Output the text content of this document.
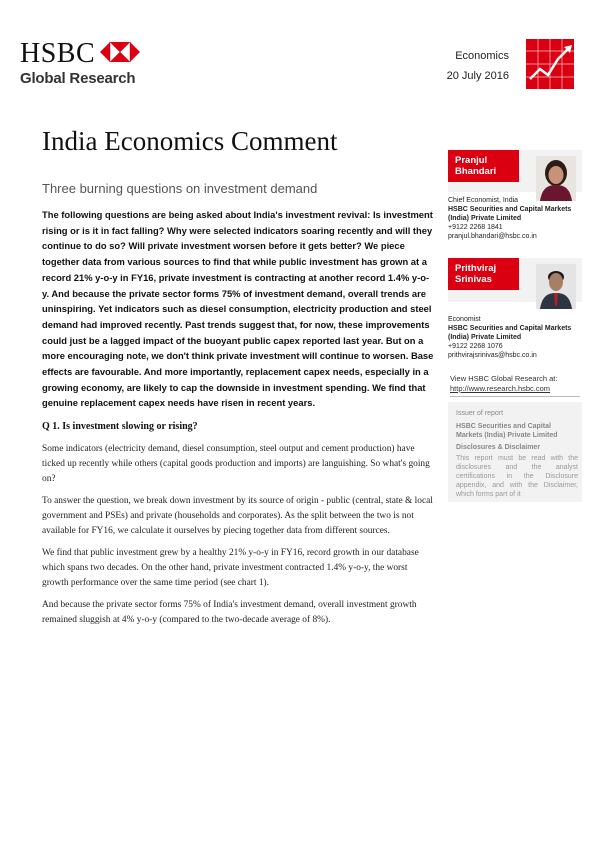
HSBC
Global Research
Economics
20 July 2016
India Economics Comment
Three burning questions on investment demand

The following questions are being asked about India's investment revival: Is investment rising or is it in fact falling? Why were selected indicators soaring recently and will they continue to do so? Will private investment worsen before it gets better? We piece together data from various sources to find that while public investment has grown at a record 21% y-o-y in FY16, private investment is contracting at another record 1.4% y-o-y. And because the private sector forms 75% of investment demand, overall trends are uninspiring. Yet indicators such as diesel consumption, electricity production and steel demand had improved recently. Past trends suggest that, for now, these improvements could just be a lagged impact of the buoyant public capex reported last year. But on a more encouraging note, we don't think private investment will continue to worsen. Base effects are favourable. And more importantly, replacement capex needs, especially in a growing economy, are likely to cap the downside in investment spending. We find that genuine replacement capex needs have risen in recent years.

Q 1. Is investment slowing or rising?

Some indicators (electricity demand, diesel consumption, steel output and cement production) have ticked up recently while others (capital goods production and imports) are languishing. So what's going on?

To answer the question, we break down investment by its source of origin - public (central, state & local government and PSEs) and private (households and corporates). As the split between the two is not available for FY16, we calculate it ourselves by piecing together data from different sources.

We find that public investment grew by a healthy 21% y-o-y in FY16, record growth in our database which spans two decades. On the other hand, private investment contracted 1.4% y-o-y, the worst growth performance over the same time period (see chart 1).

And because the private sector forms 75% of India's investment demand, overall investment growth remained sluggish at 4% y-o-y (compared to the two-decade average of 8%).

Pranjul
Bhandari
Chief Economist, India
HSBC Securities and Capital Markets (India) Private Limited
+9122 2268 1841
pranjul.bhandari@hsbc.co.in
Prithviraj
Srinivas
Economist
HSBC Securities and Capital Markets (India) Private Limited
+9122 2268 1076
prithvirajsrinivas@hsbc.co.in
View HSBC Global Research at:
http://www.research.hsbc.com
Issuer of report
HSBC Securities and Capital Markets (India) Private Limited
Disclosures & Disclaimer
This report must be read with the disclosures and the analyst certifications in the Disclosure appendix, and with the Disclaimer, which forms part of it
